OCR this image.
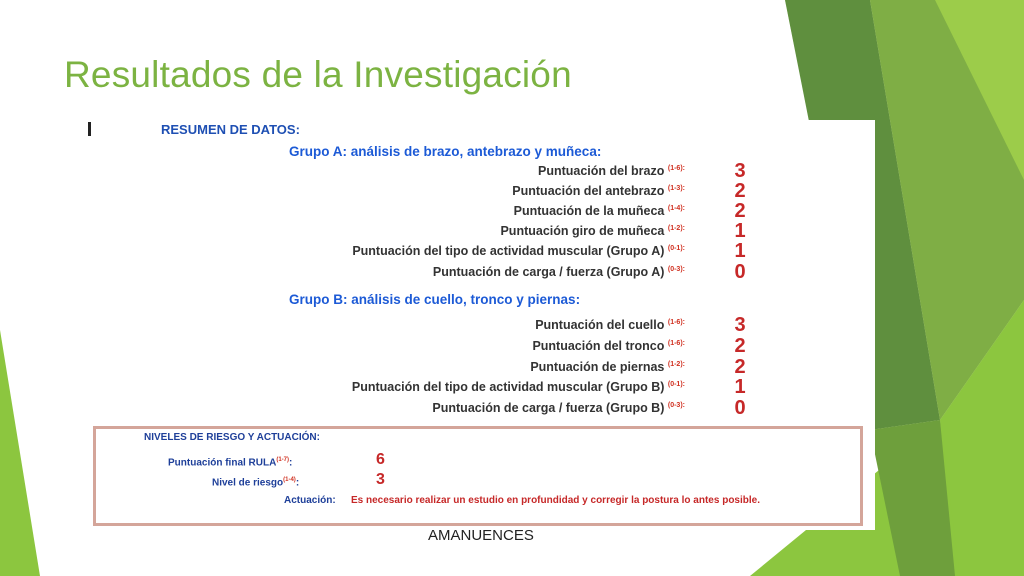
Resultados de la Investigación
RESUMEN DE DATOS:
Grupo A: análisis de brazo, antebrazo y muñeca:
Puntuación del brazo $^{(1-6):}$	3
Puntuación del antebrazo $^{(1-3):}$	2
Puntuación de la muñeca $^{(1-4):}$	2
Puntuación giro de muñeca $^{(1-2):}$	1
Puntuación del tipo de actividad muscular (Grupo A) $^{(0-1):}$	1
Puntuación de carga / fuerza (Grupo A) $^{(0-3):}$	0
Grupo B: análisis de cuello, tronco y piernas:
Puntuación del cuello $^{(1-6):}$	3
Puntuación del tronco $^{(1-6):}$	2
Puntuación de piernas $^{(1-2):}$	2
Puntuación del tipo de actividad muscular (Grupo B) $^{(0-1):}$	1
Puntuación de carga / fuerza (Grupo B) $^{(0-3):}$	0
NIVELES DE RIESGO Y ACTUACIÓN:
Puntuación final RULA$^{(1-7)}$:	6
Nivel de riesgo$^{(1-4)}$:	3
Actuación: Es necesario realizar un estudio en profundidad y corregir la postura lo antes posible.
AMANUENCES
